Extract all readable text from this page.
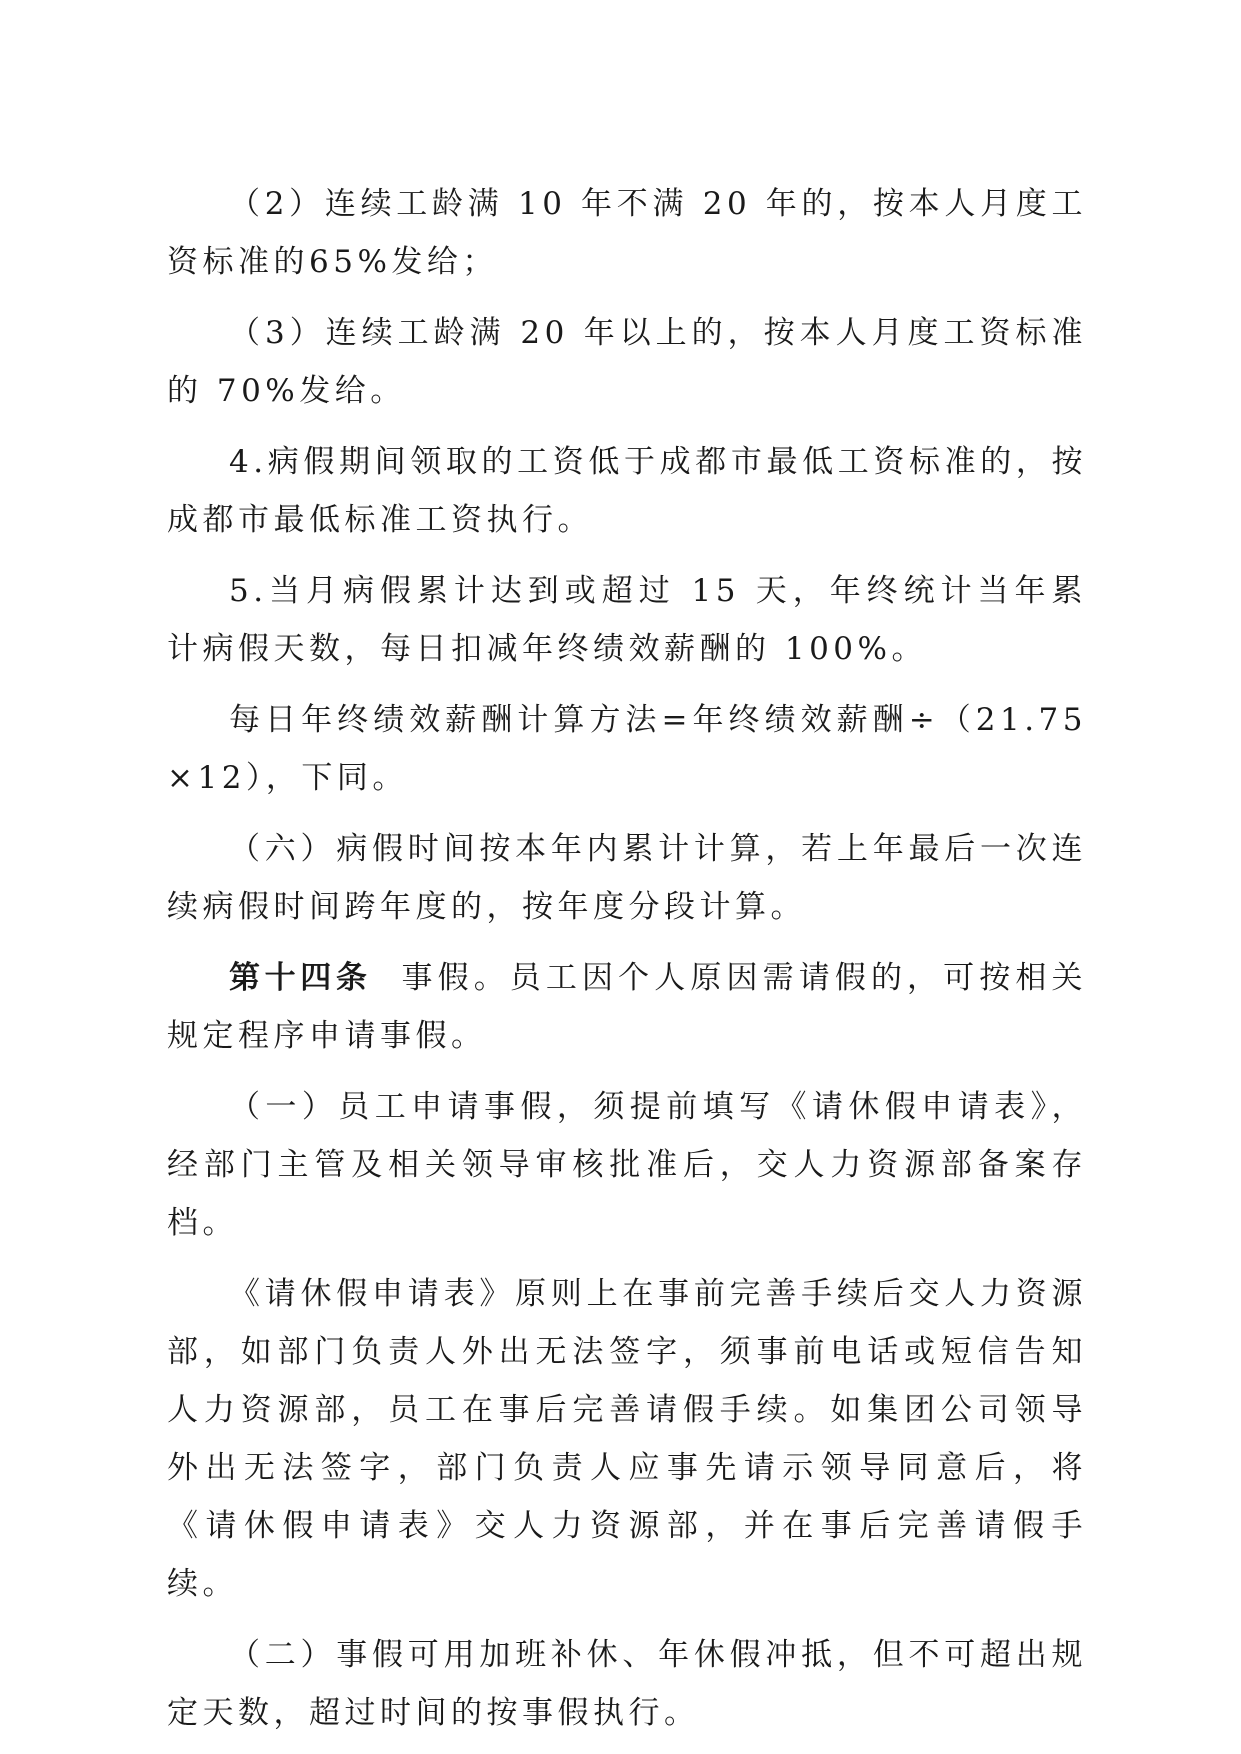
（2）连续工龄满 10 年不满 20 年的，按本人月度工资标准的65%发给；

（3）连续工龄满 20 年以上的，按本人月度工资标准的 70%发给。

4.病假期间领取的工资低于成都市最低工资标准的，按成都市最低标准工资执行。

5.当月病假累计达到或超过 15 天，年终统计当年累计病假天数，每日扣减年终绩效薪酬的 100%。

每日年终绩效薪酬计算方法=年终绩效薪酬÷（21.75×12），下同。

（六）病假时间按本年内累计计算，若上年最后一次连续病假时间跨年度的，按年度分段计算。

第十四条 事假。员工因个人原因需请假的，可按相关规定程序申请事假。

（一）员工申请事假，须提前填写《请休假申请表》，经部门主管及相关领导审核批准后，交人力资源部备案存档。

《请休假申请表》原则上在事前完善手续后交人力资源部，如部门负责人外出无法签字，须事前电话或短信告知人力资源部，员工在事后完善请假手续。如集团公司领导外出无法签字，部门负责人应事先请示领导同意后，将《请休假申请表》交人力资源部，并在事后完善请假手续。

（二）事假可用加班补休、年休假冲抵，但不可超出规定天数，超过时间的按事假执行。
